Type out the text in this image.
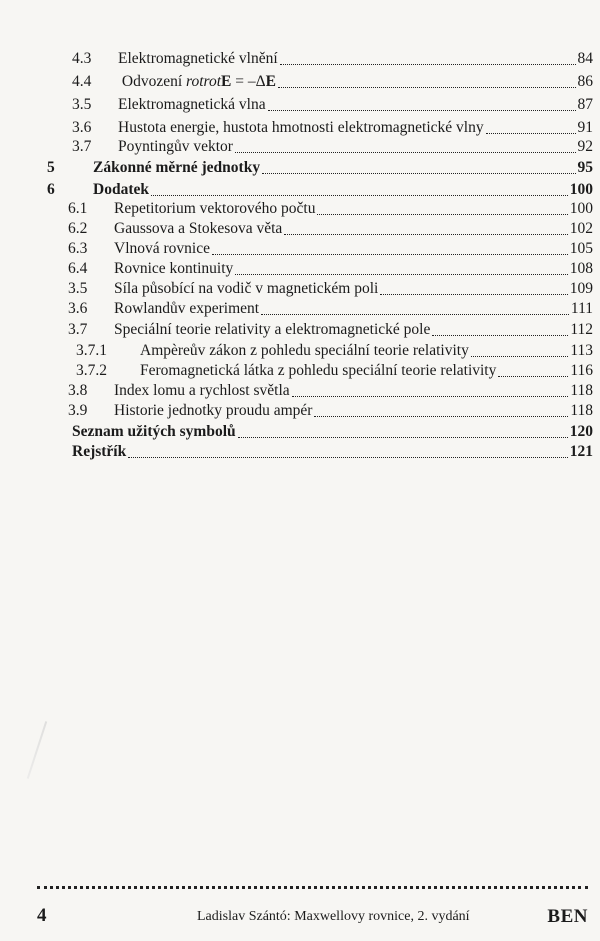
4.3	Elektromagnetické vlnění	84
4.4	Odvození rotrotE = –ΔE	86
3.5	Elektromagnetická vlna	87
3.6	Hustota energie, hustota hmotnosti elektromagnetické vlny	91
3.7	Poyntingův vektor	92
5	Zákonné měrné jednotky	95
6	Dodatek	100
6.1	Repetitorium vektorového počtu	100
6.2	Gaussova a Stokesova věta	102
6.3	Vlnová rovnice	105
6.4	Rovnice kontinuity	108
3.5	Síla působící na vodič v magnetickém poli	109
3.6	Rowlandův experiment	111
3.7	Speciální teorie relativity a elektromagnetické pole	112
3.7.1	Ampèreův zákon z pohledu speciální teorie relativity	113
3.7.2	Feromagnetická látka z pohledu speciální teorie relativity	116
3.8	Index lomu a rychlost světla	118
3.9	Historie jednotky proudu ampér	118
Seznam užitých symbolů	120
Rejstřík	121
4	Ladislav Szántó: Maxwellovy rovnice, 2. vydání	BEN
